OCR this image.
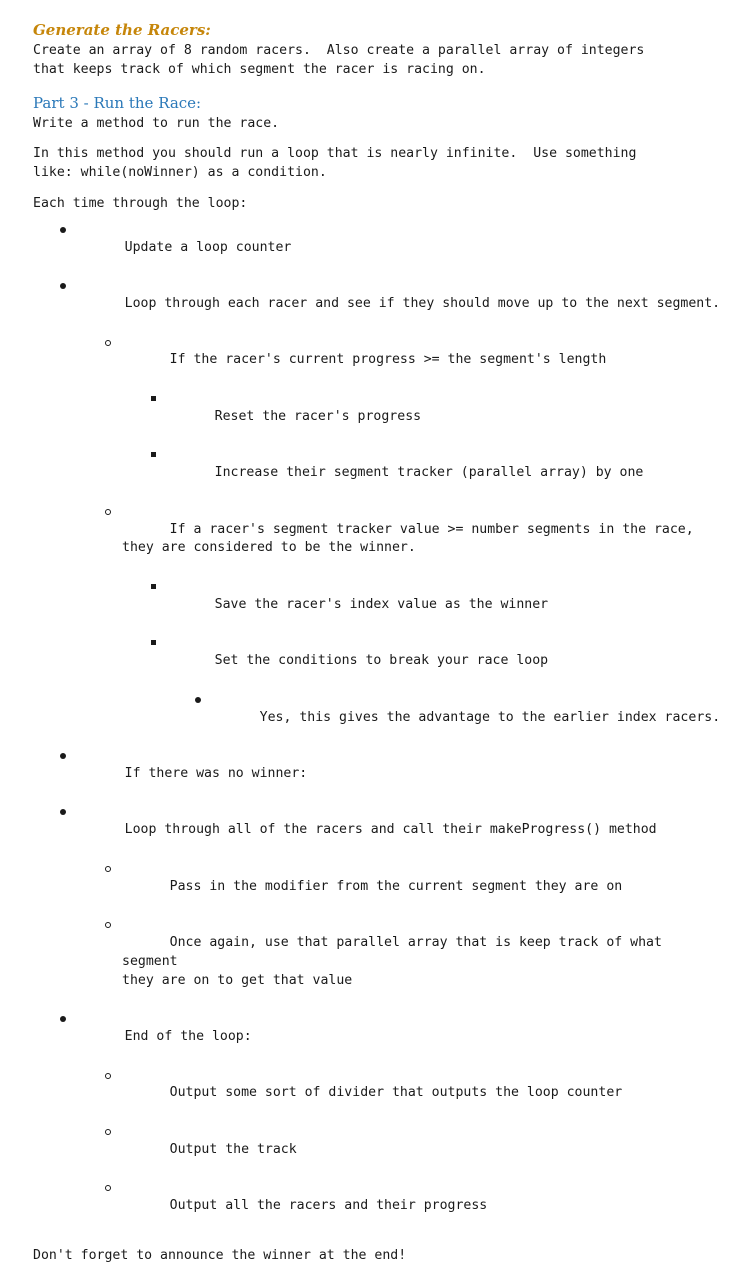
Generate the Racers:

Create an array of 8 random racers.  Also create a parallel array of integers

that keeps track of which segment the racer is racing on.

Part 3 - Run the Race:

Write a method to run the race.

In this method you should run a loop that is nearly infinite.  Use something

like: while(noWinner) as a condition.

Each time through the loop:

Update a loop counter

Loop through each racer and see if they should move up to the next segment.

If the racer's current progress >= the segment's length

Reset the racer's progress

Increase their segment tracker (parallel array) by one

If a racer's segment tracker value >= number segments in the race,
they are considered to be the winner.

Save the racer's index value as the winner

Set the conditions to break your race loop

Yes, this gives the advantage to the earlier index racers.

If there was no winner:

Loop through all of the racers and call their makeProgress() method

Pass in the modifier from the current segment they are on

Once again, use that parallel array that is keep track of what segment
they are on to get that value

End of the loop:

Output some sort of divider that outputs the loop counter

Output the track

Output all the racers and their progress

Don't forget to announce the winner at the end!
